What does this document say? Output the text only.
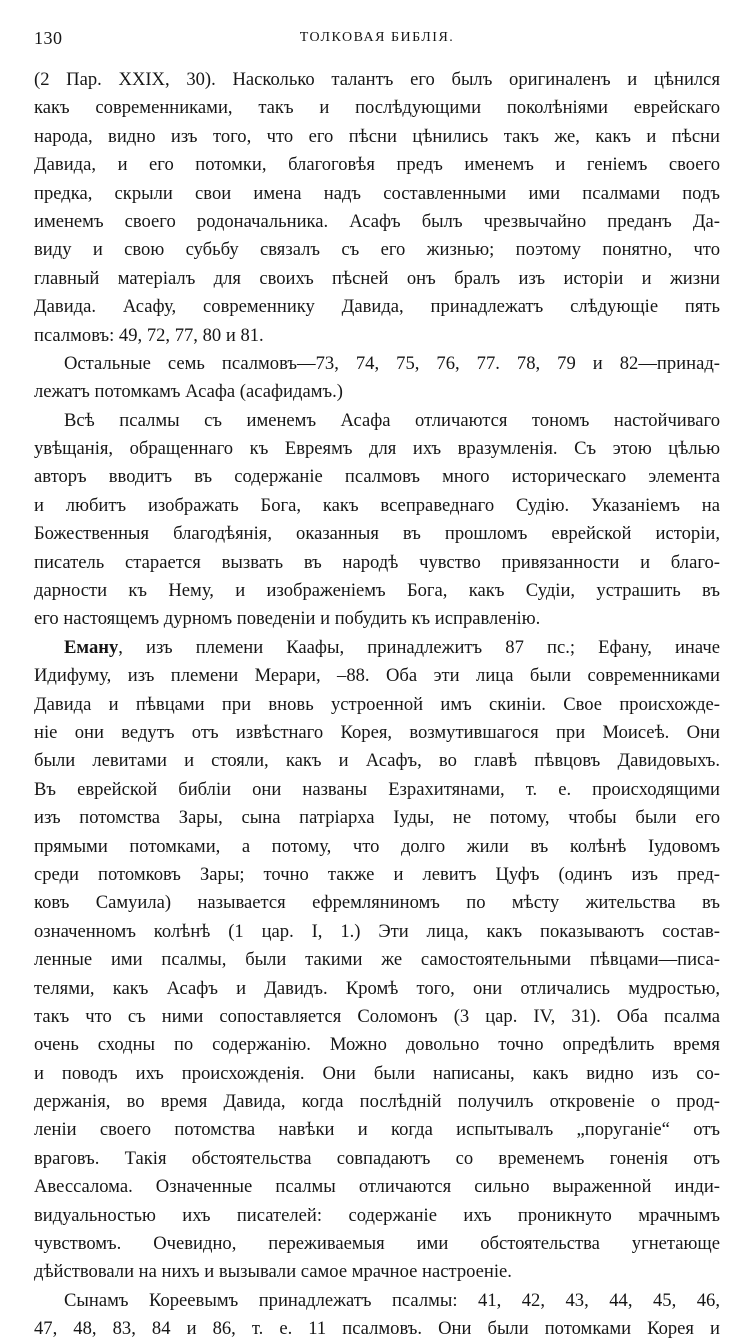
130	ТОЛКОВАЯ БИБЛІЯ.
(2 Пар. XXIX, 30). Насколько талантъ его былъ оригиналенъ и цѣнился
какъ современниками, такъ и послѣдующими поколѣніями еврейскаго
народа, видно изъ того, что его пѣсни цѣнились такъ же, какъ и пѣсни
Давида, и его потомки, благоговѣя предъ именемъ и геніемъ своего
предка, скрыли свои имена надъ составленными ими псалмами подъ
именемъ своего родоначальника. Асафъ былъ чрезвычайно преданъ Да-
виду и свою субьбу связалъ съ его жизнью; поэтому понятно, что
главный матеріалъ для своихъ пѣсней онъ бралъ изъ исторіи и жизни
Давида. Асафу, современнику Давида, принадлежатъ слѣдующіе пять
псалмовъ: 49, 72, 77, 80 и 81.
Остальные семь псалмовъ—73, 74, 75, 76, 77. 78, 79 и 82—принад-
лежатъ потомкамъ Асафа (асафидамъ.)
Всѣ псалмы съ именемъ Асафа отличаются тономъ настойчиваго
увѣщанія, обращеннаго къ Евреямъ для ихъ вразумленія. Съ этою цѣлью
авторъ вводитъ въ содержаніе псалмовъ много историческаго элемента
и любитъ изображать Бога, какъ всеправеднаго Судію. Указаніемъ на
Божественныя благодѣянія, оказанныя въ прошломъ еврейской исторіи,
писатель старается вызвать въ народѣ чувство привязанности и благо-
дарности къ Нему, и изображеніемъ Бога, какъ Судіи, устрашить въ
его настоящемъ дурномъ поведеніи и побудить къ исправленію.
Еману, изъ племени Каафы, принадлежитъ 87 пс.; Ефану, иначе
Идифуму, изъ племени Мерари, –88. Оба эти лица были современниками
Давида и пѣвцами при вновь устроенной имъ скиніи. Свое происхожде-
ніе они ведутъ отъ извѣстнаго Корея, возмутившагося при Моисеѣ. Они
были левитами и стояли, какъ и Асафъ, во главѣ пѣвцовъ Давидовыхъ.
Въ еврейской библіи они названы Езрахитянами, т. е. происходящими
изъ потомства Зары, сына патріарха Іуды, не потому, чтобы были его
прямыми потомками, а потому, что долго жили въ колѣнѣ Іудовомъ
среди потомковъ Зары; точно также и левитъ Цуфъ (одинъ изъ пред-
ковъ Самуила) называется ефремляниномъ по мѣсту жительства въ
означенномъ колѣнѣ (1 цар. I, 1.) Эти лица, какъ показываютъ состав-
ленные ими псалмы, были такими же самостоятельными пѣвцами—писа-
телями, какъ Асафъ и Давидъ. Кромѣ того, они отличались мудростью,
такъ что съ ними сопоставляется Соломонъ (3 цар. IV, 31). Оба псалма
очень сходны по содержанію. Можно довольно точно опредѣлить время
и поводъ ихъ происхожденія. Они были написаны, какъ видно изъ со-
держанія, во время Давида, когда послѣдній получилъ откровеніе о прод-
леніи своего потомства навѣки и когда испытывалъ „поруганіе“ отъ
враговъ. Такія обстоятельства совпадаютъ со временемъ гоненія отъ
Авессалома. Означенные псалмы отличаются сильно выраженной инди-
видуальностью ихъ писателей: содержаніе ихъ проникнуто мрачнымъ
чувствомъ. Очевидно, переживаемыя ими обстоятельства угнетающе
дѣйствовали на нихъ и вызывали самое мрачное настроеніе.
Сынамъ Кореевымъ принадлежатъ псалмы: 41, 42, 43, 44, 45, 46,
47, 48, 83, 84 и 86, т. е. 11 псалмовъ. Они были потомками Корея и
